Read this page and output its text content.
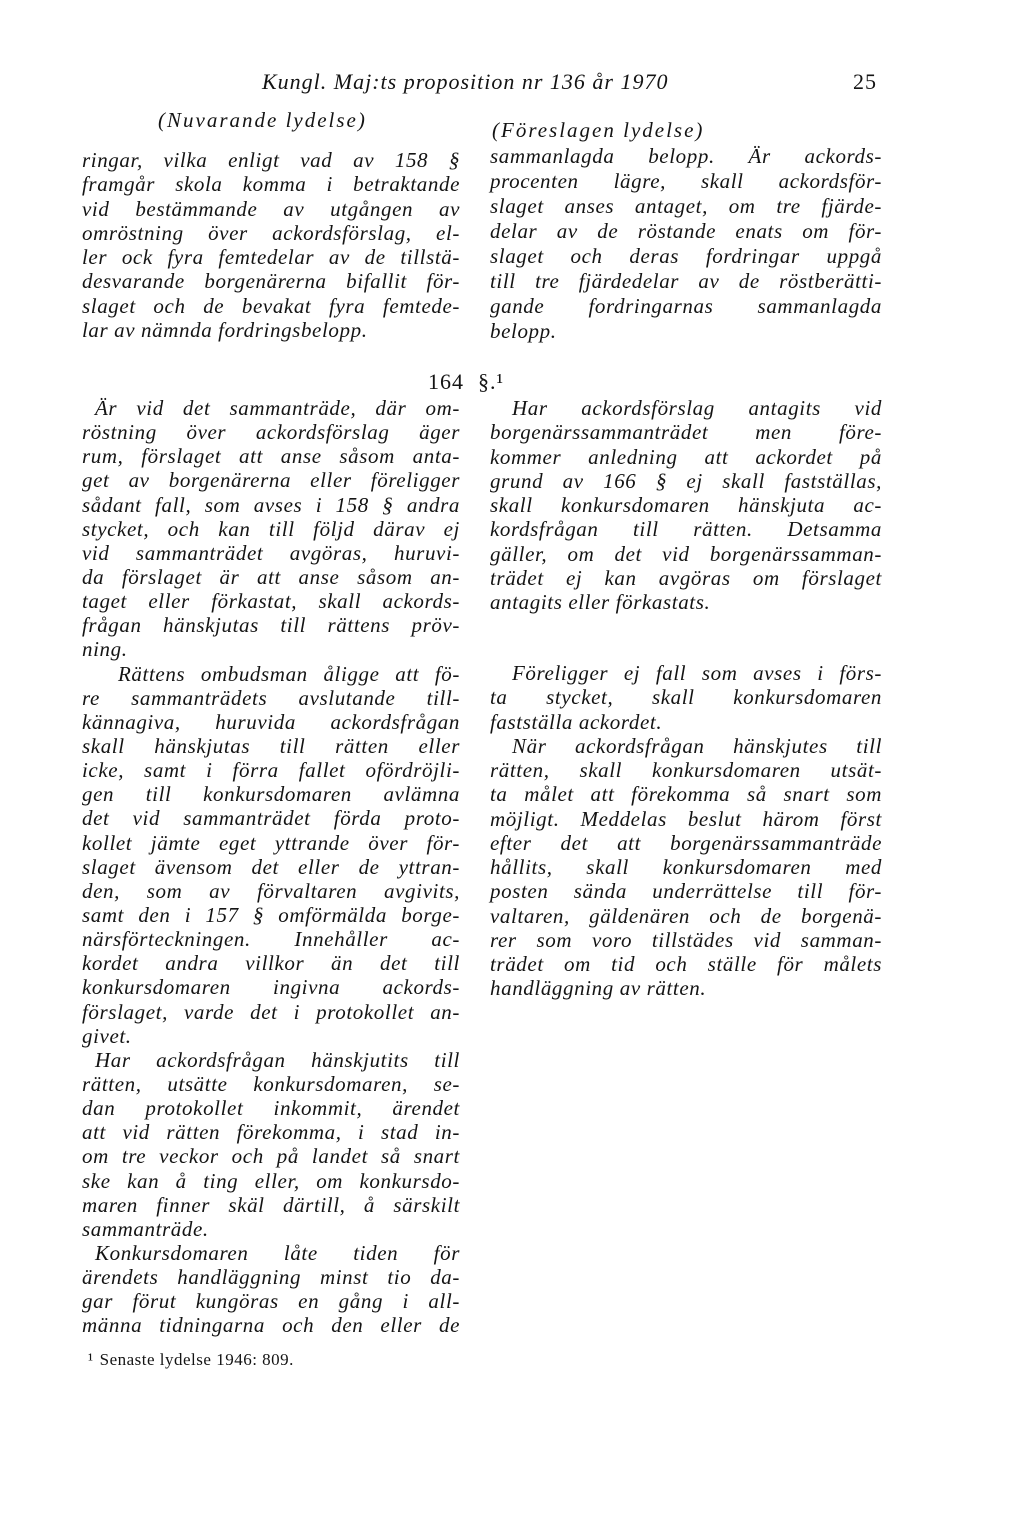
Kungl. Maj:ts proposition nr 136 år 1970	25
(Nuvarande lydelse)	(Föreslagen lydelse)
ringar, vilka enligt vad av 158 §
framgår skola komma i betraktande
vid bestämmande av utgången av
omröstning över ackordsförslag, el-
ler ock fyra femtedelar av de tillstä-
desvarande borgenärerna bifallit för-
slaget och de bevakat fyra femtede-
lar av nämnda fordringsbelopp.
164 §.¹
Är vid det sammanträde, där om-
röstning över ackordsförslag äger
rum, förslaget att anse såsom anta-
get av borgenärerna eller föreligger
sådant fall, som avses i 158 § andra
stycket, och kan till följd därav ej
vid sammanträdet avgöras, huruvi-
da förslaget är att anse såsom an-
taget eller förkastat, skall ackords-
frågan hänskjutas till rättens pröv-
ning.
Rättens ombudsman åligge att fö-
re sammanträdets avslutande till-
kännagiva, huruvida ackordsfrågan
skall hänskjutas till rätten eller
icke, samt i förra fallet ofördröjli-
gen till konkursdomaren avlämna
det vid sammanträdet förda proto-
kollet jämte eget yttrande över för-
slaget ävensom det eller de yttran-
den, som av förvaltaren avgivits,
samt den i 157 § omförmälda borge-
närsförteckningen. Innehåller ac-
kordet andra villkor än det till
konkursdomaren ingivna ackords-
förslaget, varde det i protokollet an-
givet.
Har ackordsfrågan hänskjutits till
rätten, utsätte konkursdomaren, se-
dan protokollet inkommit, ärendet
att vid rätten förekomma, i stad in-
om tre veckor och på landet så snart
ske kan å ting eller, om konkursdo-
maren finner skäl därtill, å särskilt
sammanträde.
Konkursdomaren låte tiden för
ärendets handläggning minst tio da-
gar förut kungöras en gång i all-
männa tidningarna och den eller de
sammanlagda belopp. Är ackords-
procenten lägre, skall ackordsför-
slaget anses antaget, om tre fjärde-
delar av de röstande enats om för-
slaget och deras fordringar uppgå
till tre fjärdedelar av de röstberätti-
gande fordringarnas sammanlagda
belopp.
Har ackordsförslag antagits vid
borgenärssammanträdet men före-
kommer anledning att ackordet på
grund av 166 § ej skall fastställas,
skall konkursdomaren hänskjuta ac-
kordsfrågan till rätten. Detsamma
gäller, om det vid borgenärssamman-
trädet ej kan avgöras om förslaget
antagits eller förkastats.
Föreligger ej fall som avses i förs-
ta stycket, skall konkursdomaren
fastställa ackordet.
När ackordsfrågan hänskjutes till
rätten, skall konkursdomaren utsät-
ta målet att förekomma så snart som
möjligt. Meddelas beslut härom först
efter det att borgenärssammanträde
hållits, skall konkursdomaren med
posten sända underrättelse till för-
valtaren, gäldenären och de borgenä-
rer som voro tillstädes vid samman-
trädet om tid och ställe för målets
handläggning av rätten.
¹ Senaste lydelse 1946: 809.
